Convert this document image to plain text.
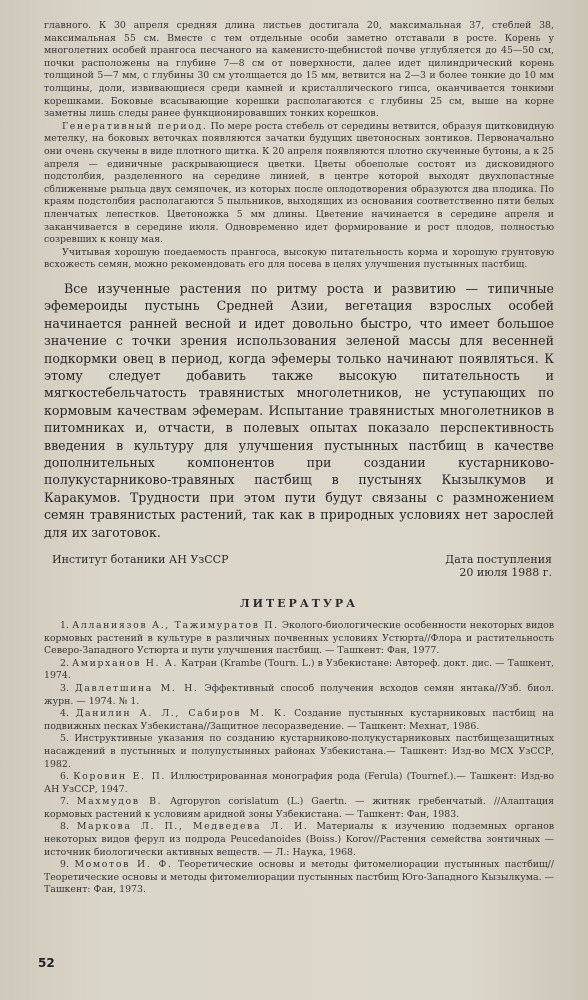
главного. К 30 апреля средняя длина листьев достигала 20, максимальная 37, стеблей 38, максимальная 55 см. Вместе с тем отдельные особи заметно отставали в росте. Корень у многолетних особей прангоса песчаного на каменисто-щебнистой почве углубляется до 45—50 см, почки расположены на глубине 7—8 см от поверхности, далее идет цилиндрический корень толщиной 5—7 мм, с глубины 30 см утолщается до 15 мм, ветвится на 2—3 и более тонкие до 10 мм толщины, доли, извивающиеся среди камней и кристаллического гипса, оканчивается тонкими корешками. Боковые всасывающие корешки располагаются с глубины 25 см, выше на корне заметны лишь следы ранее функционировавших тонких корешков.

Генеративный период. По мере роста стебель от середины ветвится, образуя щитковидную метелку, на боковых веточках появляются зачатки будущих цветоносных зонтиков. Первоначально они очень скучены в виде плотного щитка. К 20 апреля появляются плотно скученные бутоны, а к 25 апреля — единичные раскрывающиеся цветки. Цветы обоеполые состоят из дисковидного подстолбия, разделенного на середине линией, в центре которой выходят двухлопастные сближенные рыльца двух семяпочек, из которых после оплодотворения образуются два плодика. По краям подстолбия располагаются 5 пыльников, выходящих из основания соответственно пяти белых пленчатых лепестков. Цветоножка 5 мм длины. Цветение начинается в середине апреля и заканчивается в середине июля. Одновременно идет формирование и рост плодов, полностью созревших к концу мая.

Учитывая хорошую поедаемость прангоса, высокую питательность корма и хорошую грунтовую всхожесть семян, можно рекомендовать его для посева в целях улучшения пустынных пастбищ.

Все изученные растения по ритму роста и развитию — типичные эфемероиды пустынь Средней Азии, вегетация взрослых особей начинается ранней весной и идет довольно быстро, что имеет большое значение с точки зрения использования зеленой массы для весенней подкормки овец в период, когда эфемеры только начинают появляться. К этому следует добавить также высокую питательность и мягкостебельчатость травянистых многолетников, не уступающих по кормовым качествам эфемерам. Испытание травянистых многолетников в питомниках и, отчасти, в полевых опытах показало перспективность введения в культуру для улучшения пустынных пастбищ в качестве дополнительных компонентов при создании кустарниково-полукустарниково-травяных пастбищ в пустынях Кызылкумов и Каракумов. Трудности при этом пути будут связаны с размножением семян травянистых растений, так как в природных условиях нет зарослей для их заготовок.

Институт ботаники АН УзССР	Дата поступления
20 июля 1988 г.
ЛИТЕРАТУРА

1. Алланиязов А., Тажимуратов П. Эколого-биологические особенности некоторых видов кормовых растений в культуре в различных почвенных условиях Устюрта//Флора и растительность Северо-Западного Устюрта и пути улучшения пастбищ. — Ташкент: Фан, 1977.

2. Амирханов Н. А. Катран (Krambe (Tourn. L.) в Узбекистане: Автореф. докт. дис. — Ташкент, 1974.

3. Давлетшина М. Н. Эффективный способ получения всходов семян янтака//Узб. биол. журн. — 1974. № 1.

4. Данилин А. Л., Сабиров М. К. Создание пустынных кустарниковых пастбищ на подвижных песках Узбекистана//Защитное лесоразведение. — Ташкент: Мехнат, 1986.

5. Инструктивные указания по созданию кустарниково-полукустарниковых пастбищезащитных насаждений в пустынных и полупустынных районах Узбекистана.— Ташкент: Изд-во МСХ УзССР, 1982.

6. Коровин Е. П. Иллюстрированная монография рода (Ferula) (Tournef.).— Ташкент: Изд-во АН УзССР, 1947.

7. Махмудов В. Agropyron corislatum (L.) Gaertn. — житняк гребенчатый. //Алаптация кормовых растений к условиям аридной зоны Узбекистана. — Ташкент: Фан, 1983.

8. Маркова Л. П., Медведева Л. И. Материалы к изучению подземных органов некоторых видов ферул из подрода Peucedanoides (Boiss.) Korov//Растения семейства зонтичных — источник биологически активных веществ. — Л.: Наука, 1968.

9. Момотов И. Ф. Теоретические основы и методы фитомелиорации пустынных пастбищ//Теоретические основы и методы фитомелиорации пустынных пастбищ Юго-Западного Кызылкума. — Ташкент: Фан, 1973.

52
